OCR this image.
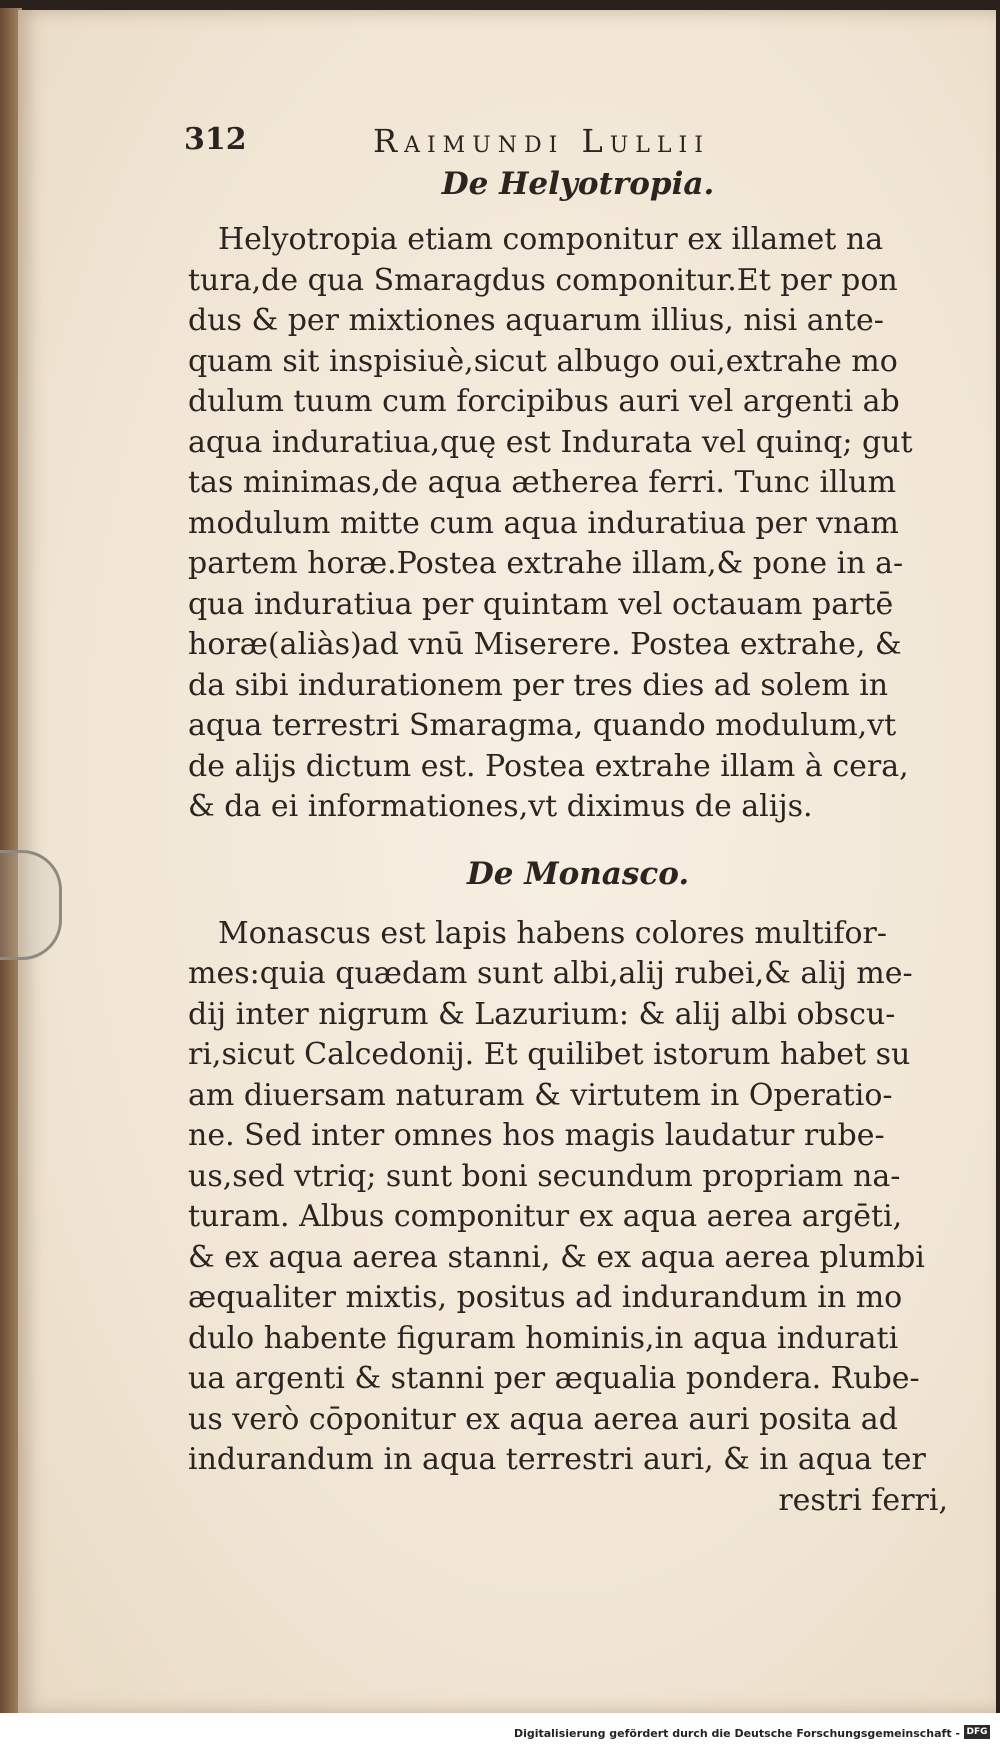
312	Raimundi Lullii
De Helyotropia.

Helyotropia etiam componitur ex illamet na

tura,de qua Smaragdus componitur.Et per pon

dus & per mixtiones aquarum illius, nisi ante-

quam sit inspisiuè,sicut albugo oui,extrahe mo

dulum tuum cum forcipibus auri vel argenti ab

aqua induratiua,quę est Indurata vel quinq; gut

tas minimas,de aqua ætherea ferri. Tunc illum

modulum mitte cum aqua induratiua per vnam

partem horæ.Postea extrahe illam,& pone in a-

qua induratiua per quintam vel octauam partē

horæ(aliàs)ad vnū Miserere. Postea extrahe, &

da sibi indurationem per tres dies ad solem in

aqua terrestri Smaragma, quando modulum,vt

de alijs dictum est. Postea extrahe illam à cera,

& da ei informationes,vt diximus de alijs.

De Monasco.

Monascus est lapis habens colores multifor-

mes:quia quædam sunt albi,alij rubei,& alij me-

dij inter nigrum & Lazurium: & alij albi obscu-

ri,sicut Calcedonij. Et quilibet istorum habet su

am diuersam naturam & virtutem in Operatio-

ne. Sed inter omnes hos magis laudatur rube-

us,sed vtriq; sunt boni secundum propriam na-

turam. Albus componitur ex aqua aerea argēti,

& ex aqua aerea stanni, & ex aqua aerea plumbi

æqualiter mixtis, positus ad indurandum in mo

dulo habente figuram hominis,in aqua indurati

ua argenti & stanni per æqualia pondera. Rube-

us verò cōponitur ex aqua aerea auri posita ad

indurandum in aqua terrestri auri, & in aqua ter

restri ferri,

Digitalisierung gefördert durch die Deutsche Forschungsgemeinschaft - DFG
